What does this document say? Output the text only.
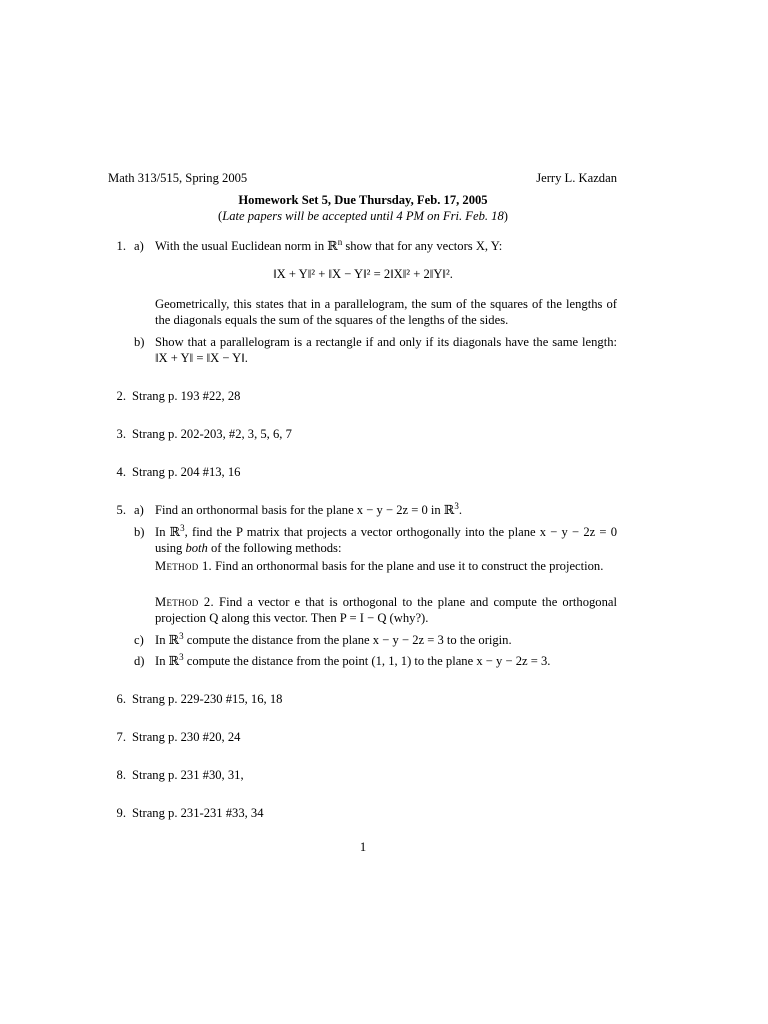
Math 313/515, Spring 2005	Jerry L. Kazdan
Homework Set 5, Due Thursday, Feb. 17, 2005
(Late papers will be accepted until 4 PM on Fri. Feb. 18)
1. a) With the usual Euclidean norm in ℝ$^n$ show that for any vectors X, Y:
‖X + Y‖² + ‖X − Y‖² = 2‖X‖² + 2‖Y‖².
Geometrically, this states that in a parallelogram, the sum of the squares of the lengths of the diagonals equals the sum of the squares of the lengths of the sides.
b) Show that a parallelogram is a rectangle if and only if its diagonals have the same length: ‖X + Y‖ = ‖X − Y‖.
2. Strang p. 193 #22, 28
3. Strang p. 202-203, #2, 3, 5, 6, 7
4. Strang p. 204 #13, 16
5. a) Find an orthonormal basis for the plane x − y − 2z = 0 in ℝ$^3$.
b) In ℝ$^3$, find the P matrix that projects a vector orthogonally into the plane x − y − 2z = 0 using both of the following methods:
Method 1. Find an orthonormal basis for the plane and use it to construct the projection.
Method 2. Find a vector e that is orthogonal to the plane and compute the orthogonal projection Q along this vector. Then P = I − Q (why?).
c) In ℝ$^3$ compute the distance from the plane x − y − 2z = 3 to the origin.
d) In ℝ$^3$ compute the distance from the point (1, 1, 1) to the plane x − y − 2z = 3.
6. Strang p. 229-230 #15, 16, 18
7. Strang p. 230 #20, 24
8. Strang p. 231 #30, 31,
9. Strang p. 231-231 #33, 34
1
